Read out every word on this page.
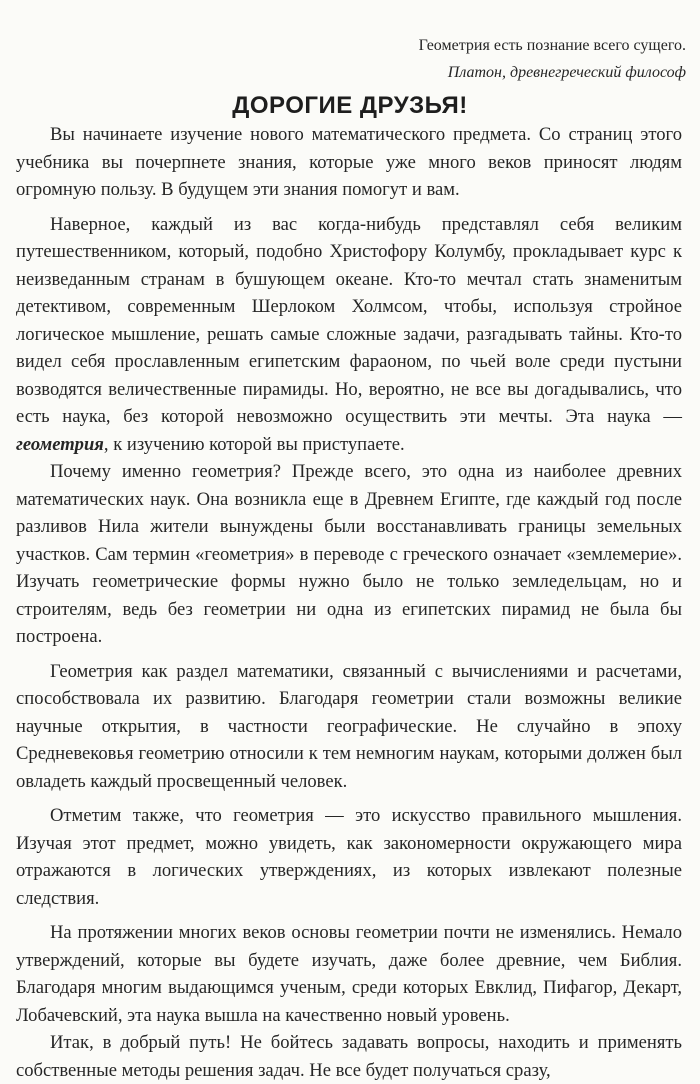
Геометрия есть познание всего сущего.
Платон, древнегреческий философ
ДОРОГИЕ ДРУЗЬЯ!

Вы начинаете изучение нового математического предмета. Со страниц этого учебника вы почерпнете знания, которые уже много веков приносят людям огромную пользу. В будущем эти знания помогут и вам.

Наверное, каждый из вас когда-нибудь представлял себя великим путешественником, который, подобно Христофору Колумбу, прокладывает курс к неизведанным странам в бушующем океане. Кто-то мечтал стать знаменитым детективом, современным Шерлоком Холмсом, чтобы, используя стройное логическое мышление, решать самые сложные задачи, разгадывать тайны. Кто-то видел себя прославленным египетским фараоном, по чьей воле среди пустыни возводятся величественные пирамиды. Но, вероятно, не все вы догадывались, что есть наука, без которой невозможно осуществить эти мечты. Эта наука — геометрия, к изучению которой вы приступаете.

Почему именно геометрия? Прежде всего, это одна из наиболее древних математических наук. Она возникла еще в Древнем Египте, где каждый год после разливов Нила жители вынуждены были восстанавливать границы земельных участков. Сам термин «геометрия» в переводе с греческого означает «землемерие». Изучать геометрические формы нужно было не только земледельцам, но и строителям, ведь без геометрии ни одна из египетских пирамид не была бы построена.

Геометрия как раздел математики, связанный с вычислениями и расчетами, способствовала их развитию. Благодаря геометрии стали возможны великие научные открытия, в частности географические. Не случайно в эпоху Средневековья геометрию относили к тем немногим наукам, которыми должен был овладеть каждый просвещенный человек.

Отметим также, что геометрия — это искусство правильного мышления. Изучая этот предмет, можно увидеть, как закономерности окружающего мира отражаются в логических утверждениях, из которых извлекают полезные следствия.

На протяжении многих веков основы геометрии почти не изменялись. Немало утверждений, которые вы будете изучать, даже более древние, чем Библия. Благодаря многим выдающимся ученым, среди которых Евклид, Пифагор, Декарт, Лобачевский, эта наука вышла на качественно новый уровень.

Итак, в добрый путь! Не бойтесь задавать вопросы, находить и применять собственные методы решения задач. Не все будет получаться сразу,
